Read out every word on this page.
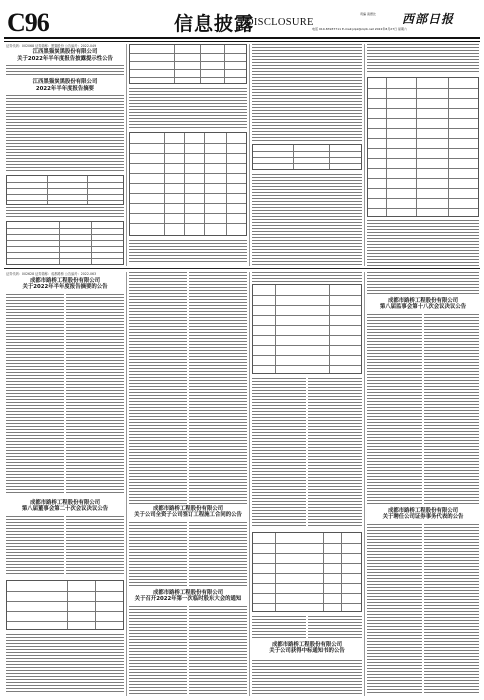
C96	信息披露
DISCLOSURE
责编 查德比 西部日报
电话 010-83937711 E-mail:jzpz@zqrb.net 2022年8月27日 星期六
证券代码：002068 证券简称：黑猫股份 公告编号：2022-049
江西黑猫炭黑股份有限公司
关于2022年半年度报告披露提示性公告
江西黑猫炭黑股份有限公司
2022年半年度报告摘要
证券代码：002628 证券简称：成都路桥 公告编号：2022-063
成都市路桥工程股份有限公司
关于2022年半年度报告摘要的公告
成都市路桥工程股份有限公司
第八届董事会第二十次会议决议公告	成都市路桥工程股份有限公司
关于公司全资子公司签订工程施工合同的公告
成都市路桥工程股份有限公司
关于召开2022年第一次临时股东大会的通知
成都市路桥工程股份有限公司
关于公司获得中标通知书的公告
成都市路桥工程股份有限公司
第八届监事会第十八次会议决议公告
成都市路桥工程股份有限公司
关于聘任公司证券事务代表的公告
